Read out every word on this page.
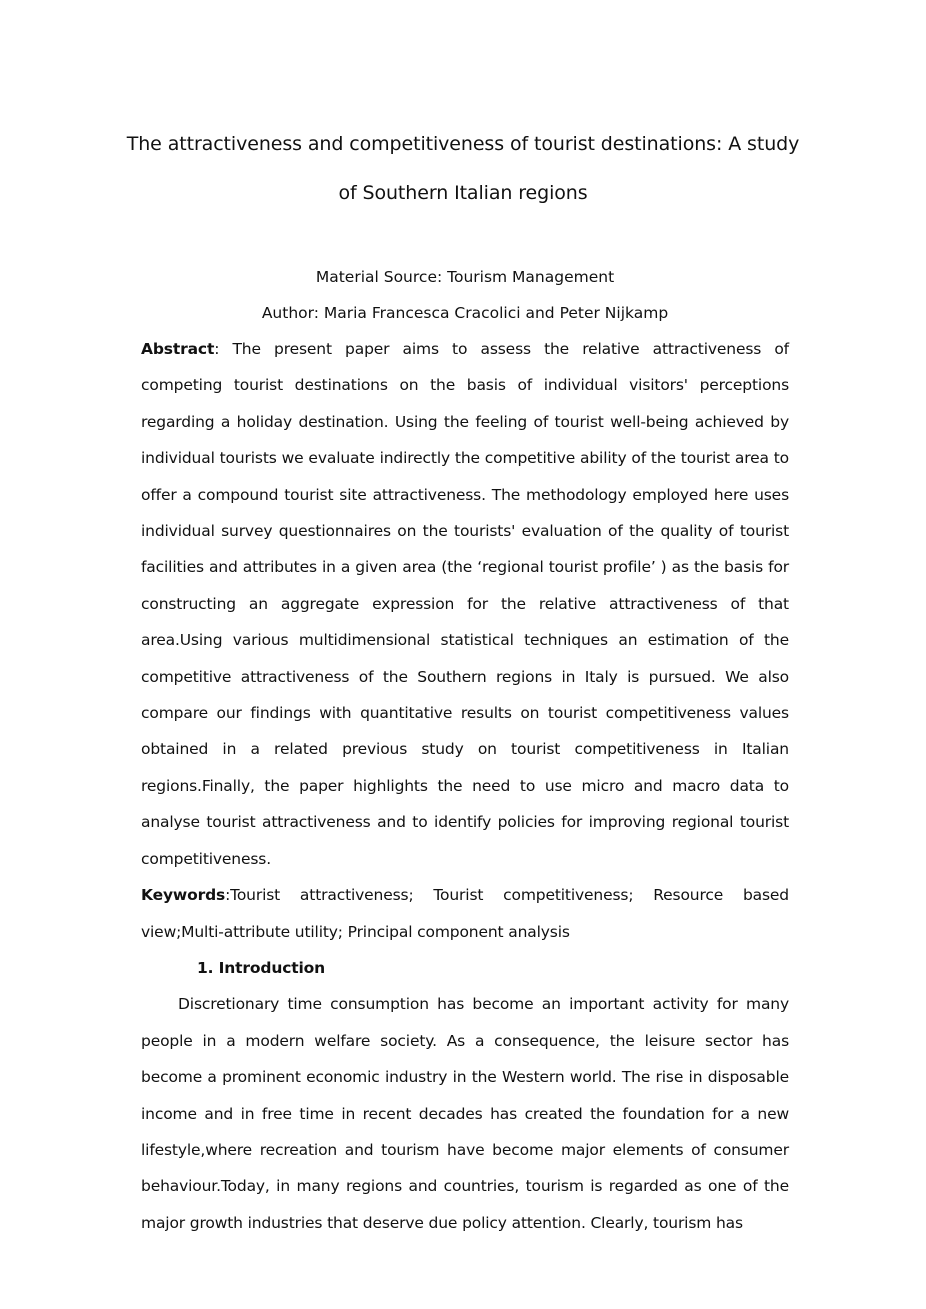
The attractiveness and competitiveness of tourist destinations: A study
of Southern Italian regions
Material Source: Tourism Management
Author: Maria Francesca Cracolici and Peter Nijkamp

Abstract: The present paper aims to assess the relative attractiveness of competing tourist destinations on the basis of individual visitors' perceptions regarding a holiday destination. Using the feeling of tourist well-being achieved by individual tourists we evaluate indirectly the competitive ability of the tourist area to offer a compound tourist site attractiveness. The methodology employed here uses individual survey questionnaires on the tourists' evaluation of the quality of tourist facilities and attributes in a given area (the ‘regional tourist profile’ ) as the basis for constructing an aggregate expression for the relative attractiveness of that area.Using various multidimensional statistical techniques an estimation of the competitive attractiveness of the Southern regions in Italy is pursued. We also compare our findings with quantitative results on tourist competitiveness values obtained in a related previous study on tourist competitiveness in Italian regions.Finally, the paper highlights the need to use micro and macro data to analyse tourist attractiveness and to identify policies for improving regional tourist competitiveness.

Keywords:Tourist attractiveness; Tourist competitiveness; Resource based view;Multi-attribute utility; Principal component analysis

1. Introduction

Discretionary time consumption has become an important activity for many people in a modern welfare society. As a consequence, the leisure sector has become a prominent economic industry in the Western world. The rise in disposable income and in free time in recent decades has created the foundation for a new lifestyle,where recreation and tourism have become major elements of consumer behaviour.Today, in many regions and countries, tourism is regarded as one of the major growth industries that deserve due policy attention. Clearly, tourism has
